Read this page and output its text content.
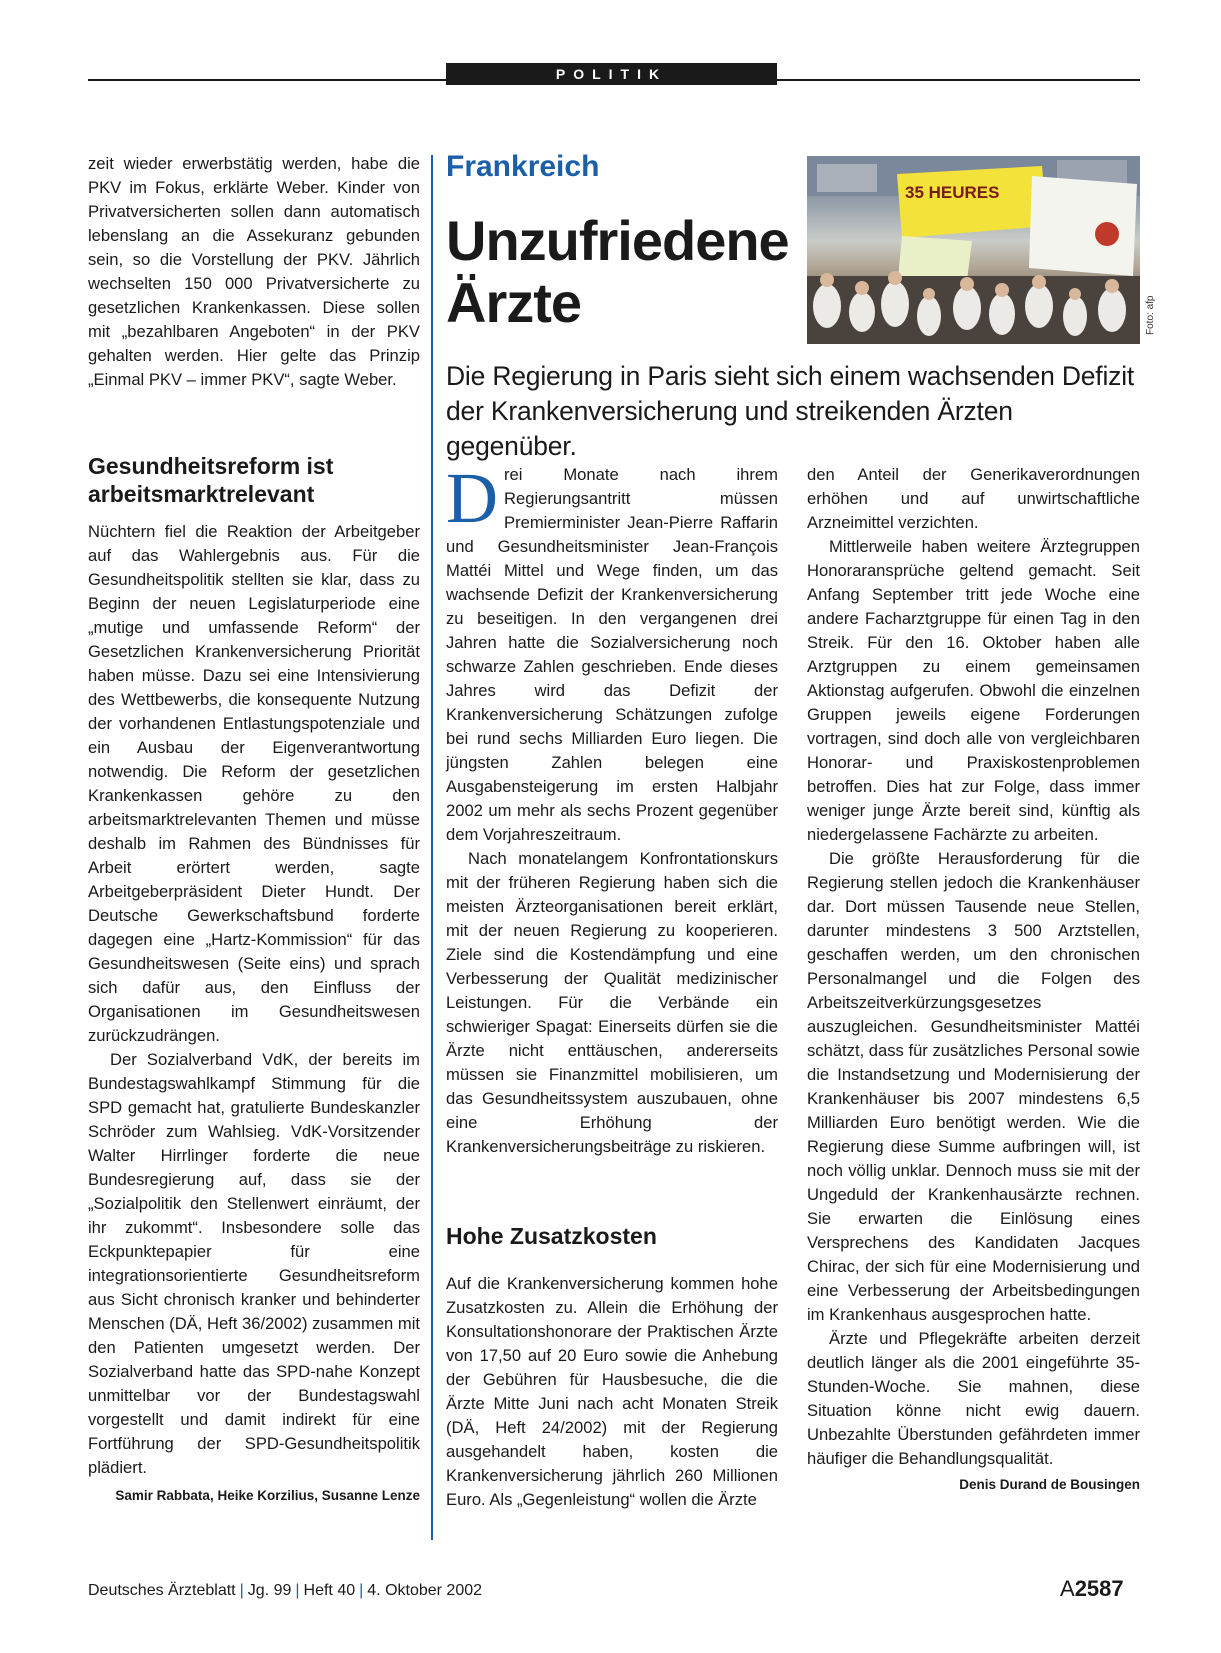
POLITIK

zeit wieder erwerbstätig werden, habe die PKV im Fokus, erklärte Weber. Kinder von Privatversicherten sollen dann automatisch lebenslang an die Assekuranz gebunden sein, so die Vorstellung der PKV. Jährlich wechselten 150 000 Privatversicherte zu gesetzlichen Krankenkassen. Diese sollen mit „bezahlbaren Angeboten“ in der PKV gehalten werden. Hier gelte das Prinzip „Einmal PKV – immer PKV“, sagte Weber.

Gesundheitsreform ist arbeitsmarktrelevant

Nüchtern fiel die Reaktion der Arbeitgeber auf das Wahlergebnis aus. Für die Gesundheitspolitik stellten sie klar, dass zu Beginn der neuen Legislaturperiode eine „mutige und umfassende Reform“ der Gesetzlichen Krankenversicherung Priorität haben müsse. Dazu sei eine Intensivierung des Wettbewerbs, die konsequente Nutzung der vorhandenen Entlastungspotenziale und ein Ausbau der Eigenverantwortung notwendig. Die Reform der gesetzlichen Krankenkassen gehöre zu den arbeitsmarktrelevanten Themen und müsse deshalb im Rahmen des Bündnisses für Arbeit erörtert werden, sagte Arbeitgeberpräsident Dieter Hundt. Der Deutsche Gewerkschaftsbund forderte dagegen eine „Hartz-Kommission“ für das Gesundheitswesen (Seite eins) und sprach sich dafür aus, den Einfluss der Organisationen im Gesundheitswesen zurückzudrängen.

Der Sozialverband VdK, der bereits im Bundestagswahlkampf Stimmung für die SPD gemacht hat, gratulierte Bundeskanzler Schröder zum Wahlsieg. VdK-Vorsitzender Walter Hirrlinger forderte die neue Bundesregierung auf, dass sie der „Sozialpolitik den Stellenwert einräumt, der ihr zukommt“. Insbesondere solle das Eckpunktepapier für eine integrationsorientierte Gesundheitsreform aus Sicht chronisch kranker und behinderter Menschen (DÄ, Heft 36/2002) zusammen mit den Patienten umgesetzt werden. Der Sozialverband hatte das SPD-nahe Konzept unmittelbar vor der Bundestagswahl vorgestellt und damit indirekt für eine Fortführung der SPD-Gesundheitspolitik plädiert.

Samir Rabbata, Heike Korzilius, Susanne Lenze
Frankreich
Unzufriedene
Ärzte
35 HEURES
Foto: afp
Die Regierung in Paris sieht sich einem wachsenden Defizit der Krankenversicherung und streikenden Ärzten gegenüber.

Drei Monate nach ihrem Regierungsantritt müssen Premierminister Jean-Pierre Raffarin und Gesundheitsminister Jean-François Mattéi Mittel und Wege finden, um das wachsende Defizit der Krankenversicherung zu beseitigen. In den vergangenen drei Jahren hatte die Sozialversicherung noch schwarze Zahlen geschrieben. Ende dieses Jahres wird das Defizit der Krankenversicherung Schätzungen zufolge bei rund sechs Milliarden Euro liegen. Die jüngsten Zahlen belegen eine Ausgabensteigerung im ersten Halbjahr 2002 um mehr als sechs Prozent gegenüber dem Vorjahreszeitraum.

Nach monatelangem Konfrontationskurs mit der früheren Regierung haben sich die meisten Ärzteorganisationen bereit erklärt, mit der neuen Regierung zu kooperieren. Ziele sind die Kostendämpfung und eine Verbesserung der Qualität medizinischer Leistungen. Für die Verbände ein schwieriger Spagat: Einerseits dürfen sie die Ärzte nicht enttäuschen, andererseits müssen sie Finanzmittel mobilisieren, um das Gesundheitssystem auszubauen, ohne eine Erhöhung der Krankenversicherungsbeiträge zu riskieren.

Hohe Zusatzkosten

Auf die Krankenversicherung kommen hohe Zusatzkosten zu. Allein die Erhöhung der Konsultationshonorare der Praktischen Ärzte von 17,50 auf 20 Euro sowie die Anhebung der Gebühren für Hausbesuche, die die Ärzte Mitte Juni nach acht Monaten Streik (DÄ, Heft 24/2002) mit der Regierung ausgehandelt haben, kosten die Krankenversicherung jährlich 260 Millionen Euro. Als „Gegenleistung“ wollen die Ärzte

den Anteil der Generikaverordnungen erhöhen und auf unwirtschaftliche Arzneimittel verzichten.

Mittlerweile haben weitere Ärztegruppen Honoraransprüche geltend gemacht. Seit Anfang September tritt jede Woche eine andere Facharztgruppe für einen Tag in den Streik. Für den 16. Oktober haben alle Arztgruppen zu einem gemeinsamen Aktionstag aufgerufen. Obwohl die einzelnen Gruppen jeweils eigene Forderungen vortragen, sind doch alle von vergleichbaren Honorar- und Praxiskostenproblemen betroffen. Dies hat zur Folge, dass immer weniger junge Ärzte bereit sind, künftig als niedergelassene Fachärzte zu arbeiten.

Die größte Herausforderung für die Regierung stellen jedoch die Krankenhäuser dar. Dort müssen Tausende neue Stellen, darunter mindestens 3 500 Arztstellen, geschaffen werden, um den chronischen Personalmangel und die Folgen des Arbeitszeitverkürzungsgesetzes auszugleichen. Gesundheitsminister Mattéi schätzt, dass für zusätzliches Personal sowie die Instandsetzung und Modernisierung der Krankenhäuser bis 2007 mindestens 6,5 Milliarden Euro benötigt werden. Wie die Regierung diese Summe aufbringen will, ist noch völlig unklar. Dennoch muss sie mit der Ungeduld der Krankenhausärzte rechnen. Sie erwarten die Einlösung eines Versprechens des Kandidaten Jacques Chirac, der sich für eine Modernisierung und eine Verbesserung der Arbeitsbedingungen im Krankenhaus ausgesprochen hatte.

Ärzte und Pflegekräfte arbeiten derzeit deutlich länger als die 2001 eingeführte 35-Stunden-Woche. Sie mahnen, diese Situation könne nicht ewig dauern. Unbezahlte Überstunden gefährdeten immer häufiger die Behandlungsqualität.

Denis Durand de Bousingen
Deutsches Ärzteblatt | Jg. 99 | Heft 40 | 4. Oktober 2002	A2587
